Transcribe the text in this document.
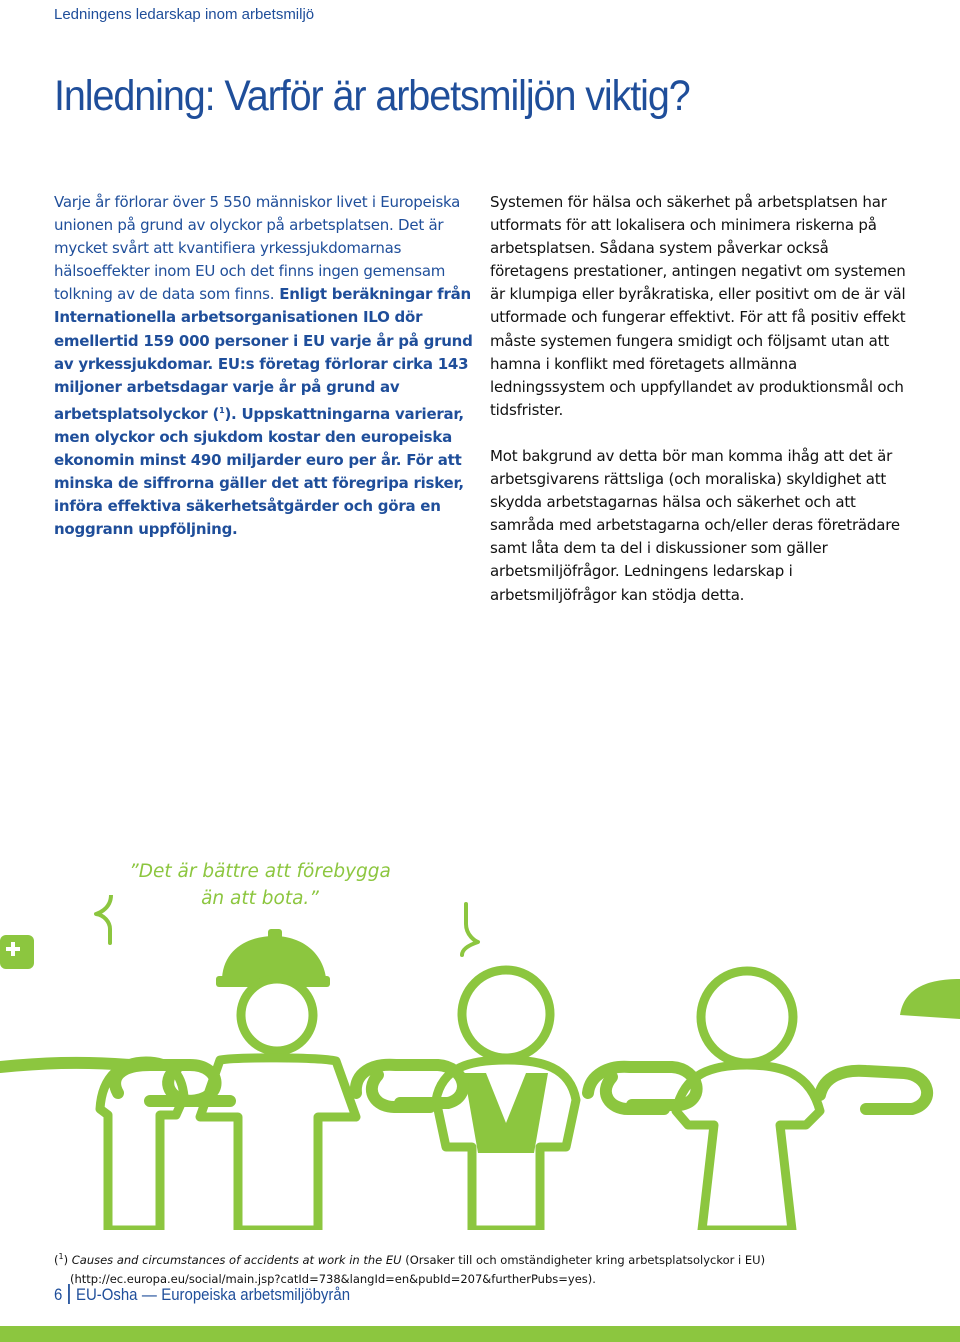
Ledningens ledarskap inom arbetsmiljö
Inledning: Varför är arbetsmiljön viktig?
Varje år förlorar över 5 550 människor livet i Europeiska unionen på grund av olyckor på arbetsplatsen. Det är mycket svårt att kvantifiera yrkessjukdomarnas hälsoeffekter inom EU och det finns ingen gemensam tolkning av de data som finns. Enligt beräkningar från Internationella arbetsorganisationen ILO dör emellertid 159 000 personer i EU varje år på grund av yrkessjukdomar. EU:s företag förlorar cirka 143 miljoner arbetsdagar varje år på grund av arbetsplatsolyckor ($^1$). Uppskattningarna varierar, men olyckor och sjukdom kostar den europeiska ekonomin minst 490 miljarder euro per år. För att minska de siffrorna gäller det att föregripa risker, införa effektiva säkerhetsåtgärder och göra en noggrann uppföljning.

Systemen för hälsa och säkerhet på arbetsplatsen har utformats för att lokalisera och minimera riskerna på arbetsplatsen. Sådana system påverkar också företagens prestationer, antingen negativt om systemen är klumpiga eller byråkratiska, eller positivt om de är väl utformade och fungerar effektivt. För att få positiv effekt måste systemen fungera smidigt och följsamt utan att hamna i konflikt med företagets allmänna ledningssystem och uppfyllandet av produktionsmål och tidsfrister.

Mot bakgrund av detta bör man komma ihåg att det är arbetsgivarens rättsliga (och moraliska) skyldighet att skydda arbetstagarnas hälsa och säkerhet och att samråda med arbetstagarna och/eller deras företrädare samt låta dem ta del i diskussioner som gäller arbetsmiljöfrågor. Ledningens ledarskap i arbetsmiljöfrågor kan stödja detta.

”Det är bättre att förebygga
än att bota.”
($^1$) Causes and circumstances of accidents at work in the EU (Orsaker till och omständigheter kring arbetsplatsolyckor i EU)
(http://ec.europa.eu/social/main.jsp?catId=738&langId=en&pubId=207&furtherPubs=yes).
6 EU-Osha — Europeiska arbetsmiljöbyrån
